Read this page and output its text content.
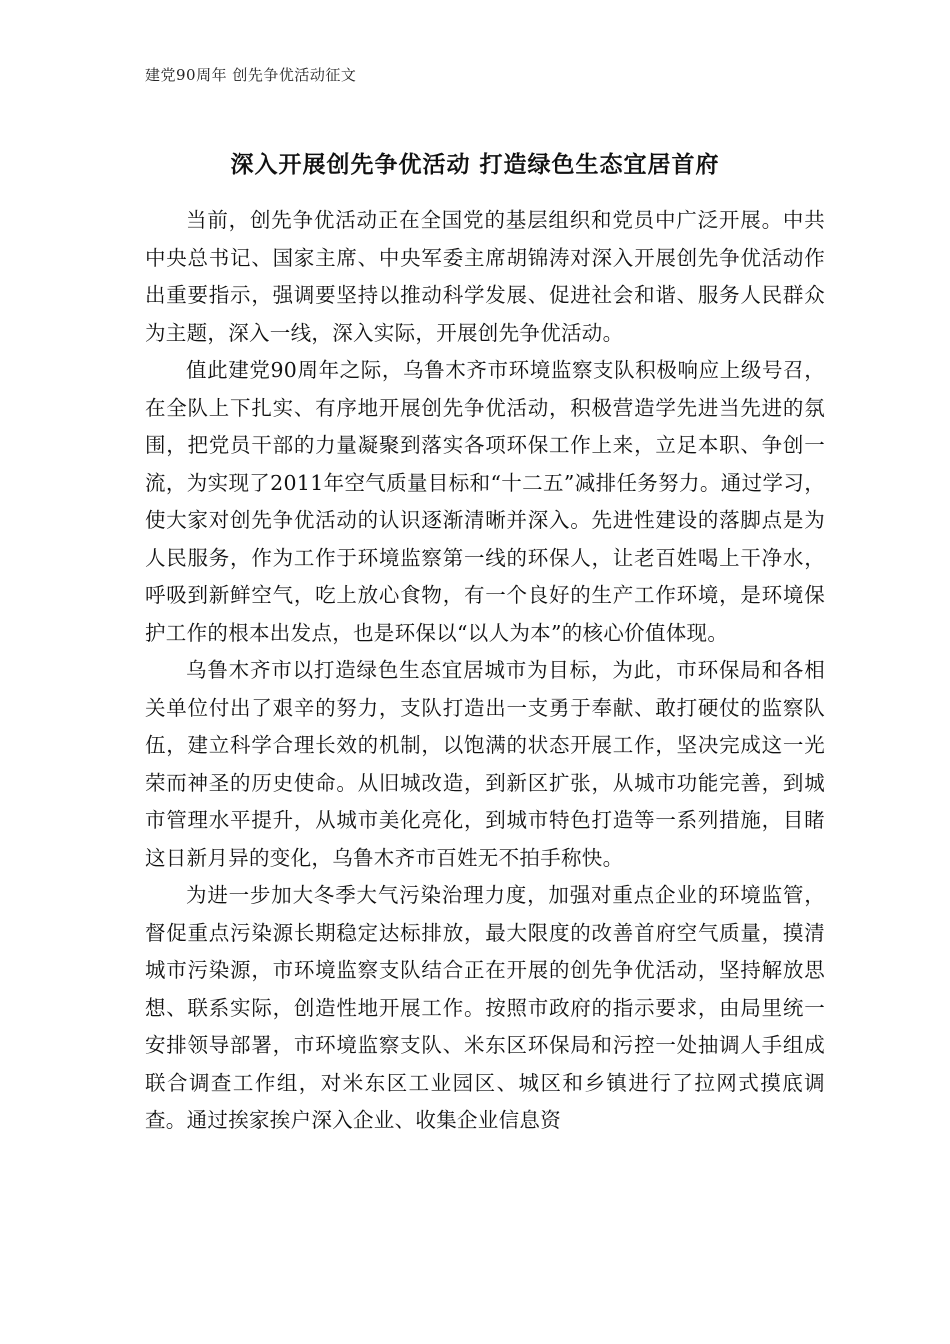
建党90周年 创先争优活动征文
深入开展创先争优活动 打造绿色生态宜居首府

当前，创先争优活动正在全国党的基层组织和党员中广泛开展。中共中央总书记、国家主席、中央军委主席胡锦涛对深入开展创先争优活动作出重要指示，强调要坚持以推动科学发展、促进社会和谐、服务人民群众为主题，深入一线，深入实际，开展创先争优活动。

值此建党90周年之际，乌鲁木齐市环境监察支队积极响应上级号召，在全队上下扎实、有序地开展创先争优活动，积极营造学先进当先进的氛围，把党员干部的力量凝聚到落实各项环保工作上来，立足本职、争创一流，为实现了2011年空气质量目标和“十二五”减排任务努力。通过学习，使大家对创先争优活动的认识逐渐清晰并深入。先进性建设的落脚点是为人民服务，作为工作于环境监察第一线的环保人，让老百姓喝上干净水，呼吸到新鲜空气，吃上放心食物，有一个良好的生产工作环境，是环境保护工作的根本出发点，也是环保以“以人为本”的核心价值体现。

乌鲁木齐市以打造绿色生态宜居城市为目标，为此，市环保局和各相关单位付出了艰辛的努力，支队打造出一支勇于奉献、敢打硬仗的监察队伍，建立科学合理长效的机制，以饱满的状态开展工作，坚决完成这一光荣而神圣的历史使命。从旧城改造，到新区扩张，从城市功能完善，到城市管理水平提升，从城市美化亮化，到城市特色打造等一系列措施，目睹这日新月异的变化，乌鲁木齐市百姓无不拍手称快。

为进一步加大冬季大气污染治理力度，加强对重点企业的环境监管，督促重点污染源长期稳定达标排放，最大限度的改善首府空气质量，摸清城市污染源，市环境监察支队结合正在开展的创先争优活动，坚持解放思想、联系实际，创造性地开展工作。按照市政府的指示要求，由局里统一安排领导部署，市环境监察支队、米东区环保局和污控一处抽调人手组成联合调查工作组，对米东区工业园区、城区和乡镇进行了拉网式摸底调查。通过挨家挨户深入企业、收集企业信息资
